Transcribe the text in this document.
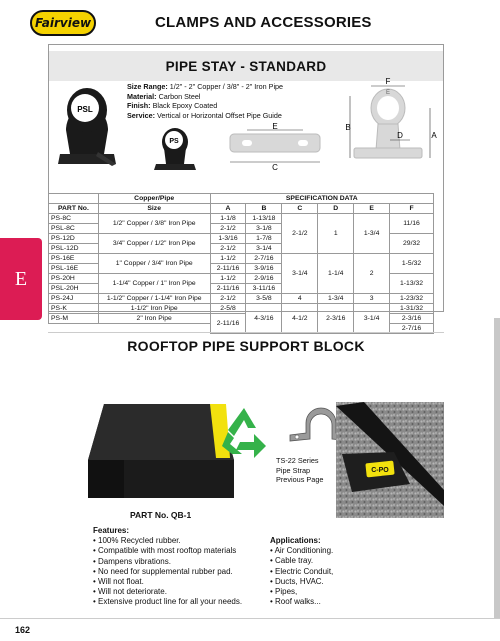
Fairview	CLAMPS AND ACCESSORIES
E
PIPE STAY - STANDARD
PSL
PS
Size Range: 1/2" - 2" Copper / 3/8" - 2" Iron Pipe
Material: Carbon Steel
Finish: Black Epoxy Coated
Service: Vertical or Horizontal Offset Pipe Guide
E
C
F
B
A
D
E
	Copper/Pipe	SPECIFICATION DATA					
PART No.	Size	A	B	C	D	E	F
PS-8C	1/2" Copper / 3/8" Iron Pipe	1-1/8	1-13/18	2-1/2	1	1-3/4	11/16
PSL-8C		2-1/2	3-1/8				
PS-12D	3/4" Copper / 1/2" Iron Pipe	1-3/16	1-7/8				29/32
PSL-12D		2-1/2	3-1/4				
PS-16E	1" Copper / 3/4" Iron Pipe	1-1/2	2-7/16	3-1/4	1-1/4	2	1-5/32
PSL-16E		2-11/16	3-9/16				
PS-20H	1-1/4" Copper / 1" Iron Pipe	1-1/2	2-9/16				1-13/32
PSL-20H		2-11/16	3-11/16				
PS-24J	1-1/2" Copper / 1-1/4" Iron Pipe	2-1/2	3-5/8	4	1-3/4	3	1-23/32
PS-K	1-1/2" Iron Pipe	2-5/8	4-3/16	4-1/2	2-3/16	3-1/4	1-31/32
PS-M	2" Iron Pipe	2-11/16					2-3/16
							2-7/16
ROOFTOP PIPE SUPPORT BLOCK
TS-22 Series
Pipe Strap
Previous Page
C-PO
PART No. QB-1
Features:
• 100% Recycled rubber.
• Compatible with most rooftop materials
• Dampens vibrations.
• No need for supplemental rubber pad.
• Will not float.
• Will not deteriorate.
• Extensive product line for all your needs.
Applications:
• Air Conditioning.
• Cable tray.
• Electric Conduit,
• Ducts, HVAC.
• Pipes,
• Roof walks...
162
